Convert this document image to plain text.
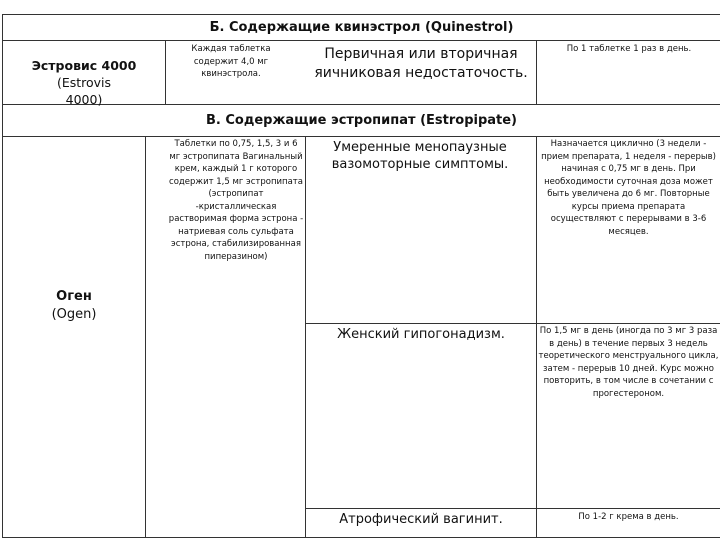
Б. Содержащие квинэстрол (Quinestrol)
Эстровис 4000 (Estrovis
4000)
Каждая таблетка содержит 4,0 мг квинэстрола.
Первичная или вторичная яичниковая недостаточость.
По 1 таблетке 1 раз в день.
В. Содержащие эстропипат (Estropipate)
Оген
(Ogen)
Таблетки по 0,75, 1,5, 3 и 6 мг эстропипата Вагинальный крем, каждый 1 г которого содержит 1,5 мг эстропипата (эстропипат -кристаллическая растворимая форма эстрона - натриевая соль сульфата эстрона, стабилизированная пиперазином)
Умеренные менопаузные вазомоторные симптомы.
Назначается циклично (3 недели - прием препарата, 1 неделя - перерыв) начиная с 0,75 мг в день. При необходимости суточная доза может быть увеличена до 6 мг. Повторные курсы приема препарата осуществляют с перерывами в 3-6 месяцев.
Женский гипогонадизм.	По 1,5 мг в день (иногда по 3 мг 3 раза в день) в течение первых 3 недель теоретического менструального цикла, затем - перерыв 10 дней. Курс можно повторить, в том числе в сочетании с прогестероном.
Атрофический вагинит.	По 1-2 г крема в день.
